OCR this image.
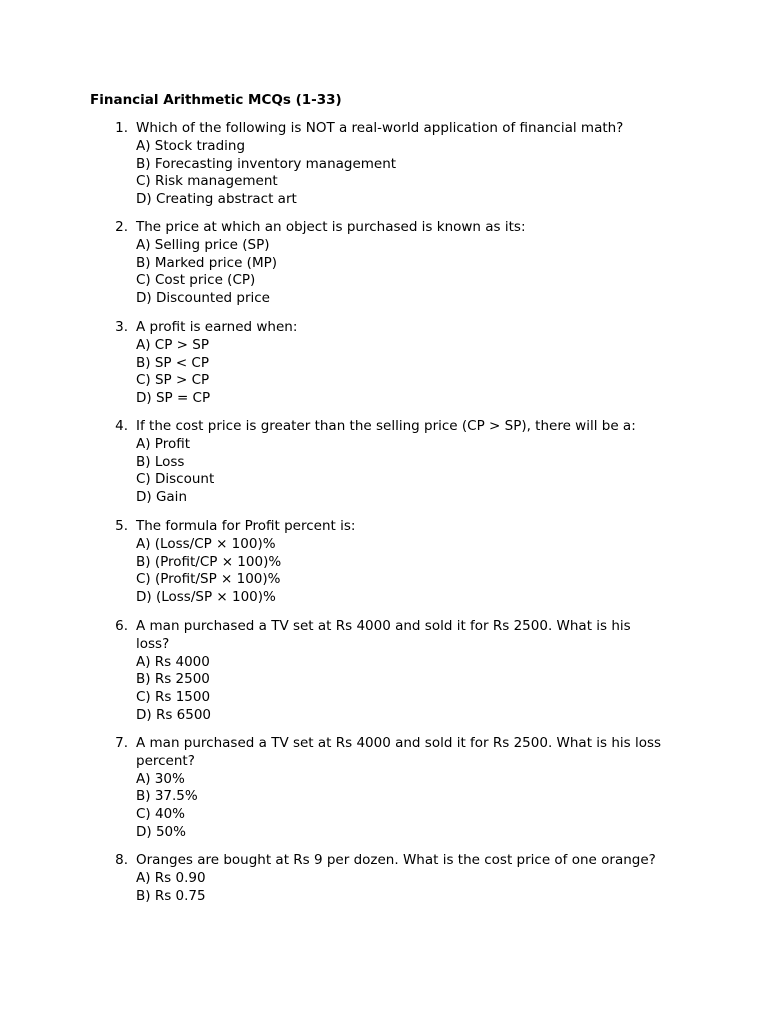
Financial Arithmetic MCQs (1-33)
1. Which of the following is NOT a real-world application of financial math?
A) Stock trading
B) Forecasting inventory management
C) Risk management
D) Creating abstract art
2. The price at which an object is purchased is known as its:
A) Selling price (SP)
B) Marked price (MP)
C) Cost price (CP)
D) Discounted price
3. A profit is earned when:
A) CP > SP
B) SP < CP
C) SP > CP
D) SP = CP
4. If the cost price is greater than the selling price (CP > SP), there will be a:
A) Profit
B) Loss
C) Discount
D) Gain
5. The formula for Profit percent is:
A) (Loss/CP × 100)%
B) (Profit/CP × 100)%
C) (Profit/SP × 100)%
D) (Loss/SP × 100)%
6. A man purchased a TV set at Rs 4000 and sold it for Rs 2500. What is his loss?
A) Rs 4000
B) Rs 2500
C) Rs 1500
D) Rs 6500
7. A man purchased a TV set at Rs 4000 and sold it for Rs 2500. What is his loss percent?
A) 30%
B) 37.5%
C) 40%
D) 50%
8. Oranges are bought at Rs 9 per dozen. What is the cost price of one orange?
A) Rs 0.90
B) Rs 0.75
